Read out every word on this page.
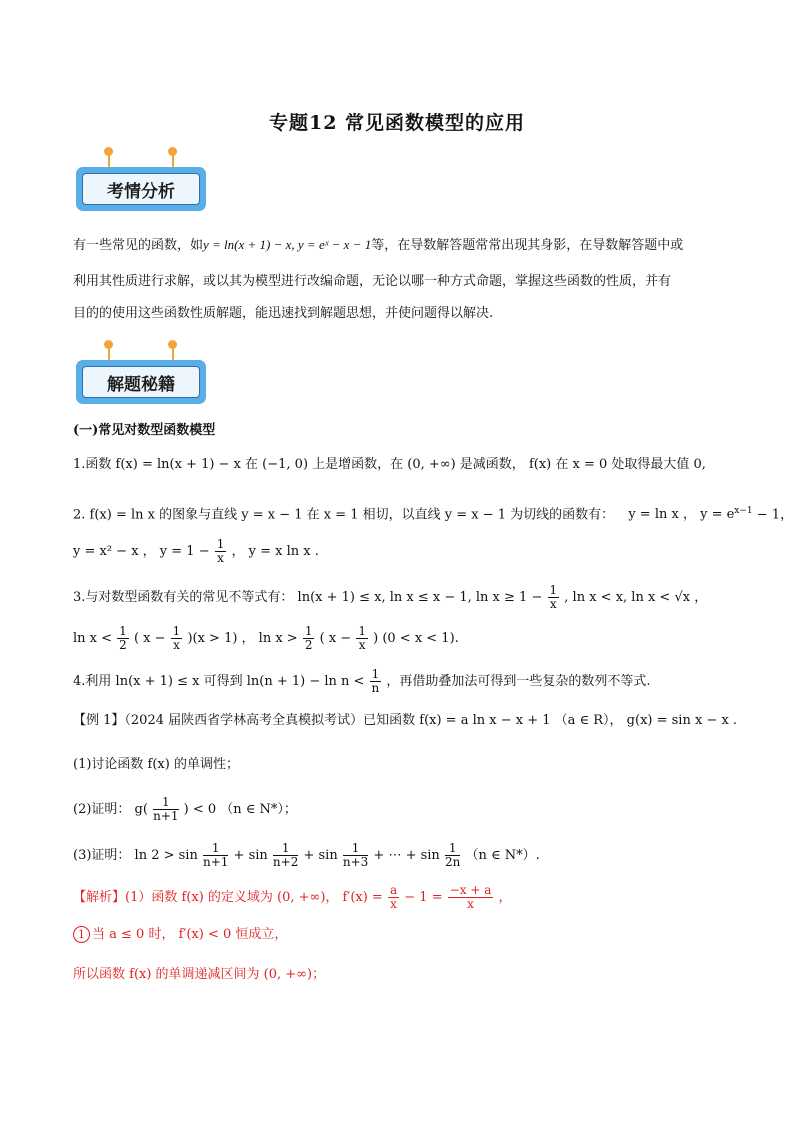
专题12 常见函数模型的应用
考情分析
有一些常见的函数，如y = ln(x + 1) − x, y = eˣ − x − 1等，在导数解答题常常出现其身影，在导数解答题中或
利用其性质进行求解，或以其为模型进行改编命题，无论以哪一种方式命题，掌握这些函数的性质，并有
目的的使用这些函数性质解题，能迅速找到解题思想，并使问题得以解决.
解题秘籍
(一)常见对数型函数模型
1.函数 f(x) = ln(x + 1) − x 在 (−1, 0) 上是增函数，在 (0, +∞) 是减函数， f(x) 在 x = 0 处取得最大值 0,
2. f(x) = ln x 的图象与直线 y = x − 1 在 x = 1 相切，以直线 y = x − 1 为切线的函数有： y = ln x ， $y = e^{x-1} - 1$，
y = x² − x ， $y = 1 - \frac{1}{x}$ ， y = x ln x .
3.与对数型函数有关的常见不等式有： ln(x + 1) ≤ x, ln x ≤ x − 1, $\ln x \ge 1 - \frac{1}{x}$ , ln x < x, ln x < √x ，
$\ln x < \frac{1}{2}$ ( $x - \frac{1}{x} )(x > 1)$ ， $\ln x > \frac{1}{2}$ ( $x - \frac{1}{x}$ ) (0 < x < 1).
4.利用 ln(x + 1) ≤ x 可得到 $\ln(n + 1) - \ln n < \frac{1}{n}$ ，再借助叠加法可得到一些复杂的数列不等式.
【例 1】（2024 届陕西省学林高考全真模拟考试）已知函数 f(x) = a ln x − x + 1 （a ∈ R）， g(x) = sin x − x .
(1)讨论函数 f(x) 的单调性；
(2)证明： $g( \frac{1}{n+1}$ ) < 0 （n ∈ N*）；
(3)证明： $\ln 2 > \sin \frac{1}{n+1} + \sin \frac{1}{n+2} + \sin \frac{1}{n+3}$ + ⋯ + $\sin \frac{1}{2n} (n$ ∈ N*）.
【解析】(1）函数 f(x) 的定义域为 (0, +∞)， $f'(x) = \frac{a}{x} - 1 = \frac{-x + a}{x}$ ，
1 当 a ≤ 0 时， f′(x) < 0 恒成立，
所以函数 f(x) 的单调递减区间为 (0, +∞)；
